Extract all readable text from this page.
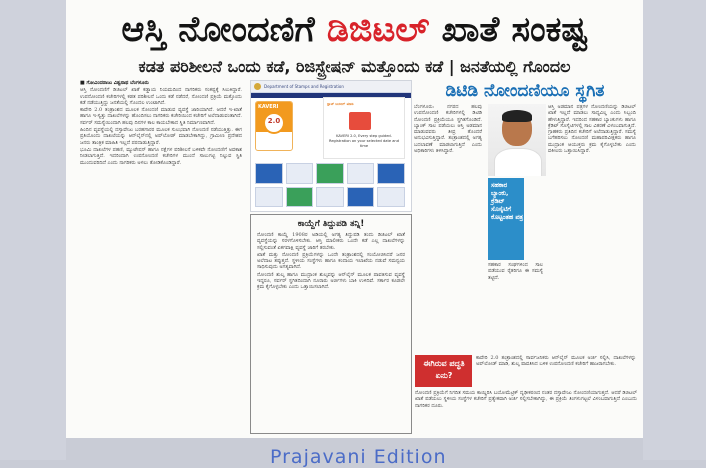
ಆಸ್ತಿ ನೋಂದಣಿಗೆ ಡಿಜಿಟಲ್ ಖಾತೆ ಸಂಕಷ್ಟ
ಕಡತ ಪರಿಶೀಲನೆ ಒಂದು ಕಡೆ, ರಿಜಿಸ್ಟ್ರೇಷನ್ ಮತ್ತೊಂದು ಕಡೆ | ಜನತೆಯಲ್ಲಿ ಗೊಂದಲ

■ ಗೋವಿಂದರಾಜು ವಿಶ್ವನಾಥ ಬೆಂಗಳೂರು

ಆಸ್ತಿ ನೋಂದಣಿಗೆ ಡಿಜಿಟಲ್ ಖಾತೆ ಕಡ್ಡಾಯ ನಿಯಮದಿಂದ ನಾಗರಿಕರು ಸಂಕಷ್ಟಕ್ಕೆ ಸಿಲುಕಿದ್ದಾರೆ. ಉಪನೋಂದಣಿ ಕಚೇರಿಗಳಲ್ಲಿ ಕಡತ ಪರಿಶೀಲನೆ ಒಂದು ಕಡೆ ನಡೆದರೆ, ನೋಂದಣಿ ಪ್ರಕ್ರಿಯೆ ಮತ್ತೊಂದು ಕಡೆ ನಡೆಯುತ್ತಿದ್ದು ಜನತೆಯಲ್ಲಿ ಗೊಂದಲ ಉಂಟಾಗಿದೆ.

ಕಾವೇರಿ 2.0 ತಂತ್ರಾಂಶದ ಮೂಲಕ ನೋಂದಣಿ ಮಾಡುವ ವ್ಯವಸ್ಥೆ ಜಾರಿಯಾಗಿದೆ. ಆದರೆ ಇ-ಖಾತೆ ಹಾಗೂ ಇ-ಸ್ವತ್ತು ದಾಖಲೆಗಳನ್ನು ಹೊಂದಿಸಲು ನಾಗರಿಕರು ಕಚೇರಿಯಿಂದ ಕಚೇರಿಗೆ ಅಲೆದಾಡುವಂತಾಗಿದೆ. ಸರ್ವರ್ ಸಮಸ್ಯೆಯಿಂದಾಗಿ ಹಲವು ದಿನಗಳ ಕಾಲ ಕಾಯಬೇಕಾದ ಸ್ಥಿತಿ ನಿರ್ಮಾಣವಾಗಿದೆ.

ಹಿಂದಿನ ವ್ಯವಸ್ಥೆಯಲ್ಲಿ ದಸ್ತಾವೇಜು ಬರಹಗಾರರ ಮೂಲಕ ಸುಲಭವಾಗಿ ನೋಂದಣಿ ನಡೆಯುತ್ತಿತ್ತು. ಈಗ ಪ್ರತಿಯೊಂದು ದಾಖಲೆಯನ್ನು ಆನ್‌ಲೈನ್‌ನಲ್ಲಿ ಅಪ್‌ಲೋಡ್ ಮಾಡಬೇಕಾಗಿದ್ದು, ಗ್ರಾಮೀಣ ಪ್ರದೇಶದ ಜನರು ತಾಂತ್ರಿಕ ಮಾಹಿತಿ ಇಲ್ಲದೆ ಪರದಾಡುತ್ತಿದ್ದಾರೆ.

ಭೂಮಿ ದಾಖಲೆಗಳ ಪಹಣಿ, ಮ್ಯುಟೇಷನ್ ಹಾಗೂ ನಕ್ಷೆಗಳ ಪರಿಶೀಲನೆ ಬಳಿಕವೇ ನೋಂದಣಿಗೆ ಅವಕಾಶ ನೀಡಲಾಗುತ್ತಿದೆ. ಇದರಿಂದಾಗಿ ಉಪನೋಂದಣಿ ಕಚೇರಿಗಳ ಮುಂದೆ ಸಾಲುಗಟ್ಟಿ ನಿಲ್ಲುವ ಸ್ಥಿತಿ ಮುಂದುವರಿದಿದೆ ಎಂದು ನಾಗರಿಕರು ಅಳಲು ತೋಡಿಕೊಂಡಿದ್ದಾರೆ.

Department of Stamps and Registration
KAVERI
2.0
ಸ್ಲಾಟ್ ಬುಕಿಂಗ್ ಮಾಡಿ
KAVERI 2.0, Every step guided. Registration on your selected date and time
ಕಾಯ್ದೆಗೆ ತಿದ್ದುಪಡಿ ತನ್ನಿ!

ನೋಂದಣಿ ಕಾಯ್ದೆ 1908ರ ಅಡಿಯಲ್ಲಿ ಅಗತ್ಯ ತಿದ್ದುಪಡಿ ತಂದು ಡಿಜಿಟಲ್ ಖಾತೆ ವ್ಯವಸ್ಥೆಯನ್ನು ಸರಳಗೊಳಿಸಬೇಕು. ಆಸ್ತಿ ಮಾಲೀಕರು ಒಂದೇ ಕಡೆ ಎಲ್ಲ ದಾಖಲೆಗಳನ್ನು ಸಲ್ಲಿಸುವಂತೆ ಏಕಗವಾಕ್ಷಿ ವ್ಯವಸ್ಥೆ ಜಾರಿಗೆ ತರಬೇಕು.

ಖಾತೆ ಮತ್ತು ನೋಂದಣಿ ಪ್ರಕ್ರಿಯೆಗಳನ್ನು ಒಂದೇ ತಂತ್ರಾಂಶದಲ್ಲಿ ಸಂಯೋಜಿಸಿದರೆ ಜನರ ಅಲೆದಾಟ ತಪ್ಪುತ್ತದೆ. ಸ್ಥಳೀಯ ಸಂಸ್ಥೆಗಳು ಹಾಗೂ ಕಂದಾಯ ಇಲಾಖೆಯ ನಡುವೆ ಸಮನ್ವಯ ಸಾಧಿಸುವುದು ಅಗತ್ಯವಾಗಿದೆ.

ನೋಂದಣಿ ಶುಲ್ಕ ಹಾಗೂ ಮುದ್ರಾಂಕ ಶುಲ್ಕವನ್ನು ಆನ್‌ಲೈನ್ ಮೂಲಕ ಪಾವತಿಸುವ ವ್ಯವಸ್ಥೆ ಇದ್ದರೂ, ಸರ್ವರ್ ಸ್ಥಗಿತದಿಂದಾಗಿ ನೂರಾರು ಅರ್ಜಿಗಳು ಬಾಕಿ ಉಳಿದಿವೆ. ಸರ್ಕಾರ ಕೂಡಲೇ ಕ್ರಮ ಕೈಗೊಳ್ಳಬೇಕು ಎಂದು ಒತ್ತಾಯಿಸಲಾಗಿದೆ.

ಡಿಟಿಡಿ ನೋಂದಣಿಯೂ ಸ್ಥಗಿತ

ಬೆಂಗಳೂರು: ನಗರದ ಹಲವು ಉಪನೋಂದಣಿ ಕಚೇರಿಗಳಲ್ಲಿ ಡಿಟಿಡಿ ನೋಂದಣಿ ಪ್ರಕ್ರಿಯೆಯೂ ಸ್ಥಗಿತಗೊಂಡಿದೆ. ಬ್ಯಾಂಕ್ ಸಾಲ ಪಡೆಯಲು ಆಸ್ತಿ ಅಡಮಾನ ಮಾಡುವವರು ತೀವ್ರ ತೊಂದರೆ ಅನುಭವಿಸುತ್ತಿದ್ದಾರೆ. ತಂತ್ರಾಂಶದಲ್ಲಿ ಅಗತ್ಯ ಬದಲಾವಣೆ ಮಾಡಲಾಗುತ್ತಿದೆ ಎಂದು ಅಧಿಕಾರಿಗಳು ತಿಳಿಸಿದ್ದಾರೆ.

ಸಹಕಾರ ಬ್ಯಾಂಕು, ಕ್ರೆಡಿಟ್ ಸೊಸೈಟಿಗೆ ಕೊಟ್ಟಂತಹ ಪತ್ರ

ಸಹಕಾರ ಸಂಘಗಳಿಂದ ಸಾಲ ಪಡೆಯುವ ರೈತರಿಗೂ ಈ ಸಮಸ್ಯೆ ತಟ್ಟಿದೆ.

ಆಸ್ತಿ ಅಡಮಾನ ಪತ್ರಗಳ ನೋಂದಣಿಯನ್ನು ಡಿಜಿಟಲ್ ಖಾತೆ ಇಲ್ಲದೆ ಮಾಡಲು ಸಾಧ್ಯವಿಲ್ಲ ಎಂದು ಸಿಬ್ಬಂದಿ ಹೇಳುತ್ತಿದ್ದಾರೆ. ಇದರಿಂದ ಸಹಕಾರ ಬ್ಯಾಂಕುಗಳು ಹಾಗೂ ಕ್ರೆಡಿಟ್ ಸೊಸೈಟಿಗಳಲ್ಲಿ ಸಾಲ ವಿತರಣೆ ವಿಳಂಬವಾಗುತ್ತಿದೆ. ಗ್ರಾಹಕರು ಪ್ರತಿದಿನ ಕಚೇರಿಗೆ ಅಲೆದಾಡುತ್ತಿದ್ದಾರೆ. ಸಮಸ್ಯೆ ಬಗೆಹರಿಸಲು ನೋಂದಣಿ ಮಹಾಪರಿವೀಕ್ಷಕರು ಹಾಗೂ ಮುದ್ರಾಂಕ ಆಯುಕ್ತರು ಕ್ರಮ ಕೈಗೊಳ್ಳಬೇಕು ಎಂದು ವಕೀಲರು ಒತ್ತಾಯಿಸಿದ್ದಾರೆ.

ಈಗಿರುವ ಪದ್ಧತಿ ಏನು?

ಕಾವೇರಿ 2.0 ತಂತ್ರಾಂಶದಲ್ಲಿ ಸಾರ್ವಜನಿಕರು ಆನ್‌ಲೈನ್ ಮೂಲಕ ಅರ್ಜಿ ಸಲ್ಲಿಸಿ, ದಾಖಲೆಗಳನ್ನು ಅಪ್‌ಲೋಡ್ ಮಾಡಿ, ಶುಲ್ಕ ಪಾವತಿಸಿದ ಬಳಿಕ ಉಪನೋಂದಣಿ ಕಚೇರಿಗೆ ಹಾಜರಾಗಬೇಕು.

ನೋಂದಣಿ ಪ್ರಕ್ರಿಯೆಗೆ ನಿಗದಿತ ಸಮಯ ಕಾಯ್ದಿರಿಸಿ ಬಯೋಮೆಟ್ರಿಕ್ ದೃಢೀಕರಣದ ನಂತರ ದಸ್ತಾವೇಜು ನೋಂದಣಿಯಾಗುತ್ತದೆ. ಆದರೆ ಡಿಜಿಟಲ್ ಖಾತೆ ಪಡೆಯಲು ಸ್ಥಳೀಯ ಸಂಸ್ಥೆಗಳ ಕಚೇರಿಗೆ ಪ್ರತ್ಯೇಕವಾಗಿ ಅರ್ಜಿ ಸಲ್ಲಿಸಬೇಕಾಗಿದ್ದು, ಈ ಪ್ರಕ್ರಿಯೆ ತಿಂಗಳುಗಟ್ಟಲೆ ವಿಳಂಬವಾಗುತ್ತಿದೆ ಎಂಬುದು ನಾಗರಿಕರ ದೂರು.

Prajavani Edition
